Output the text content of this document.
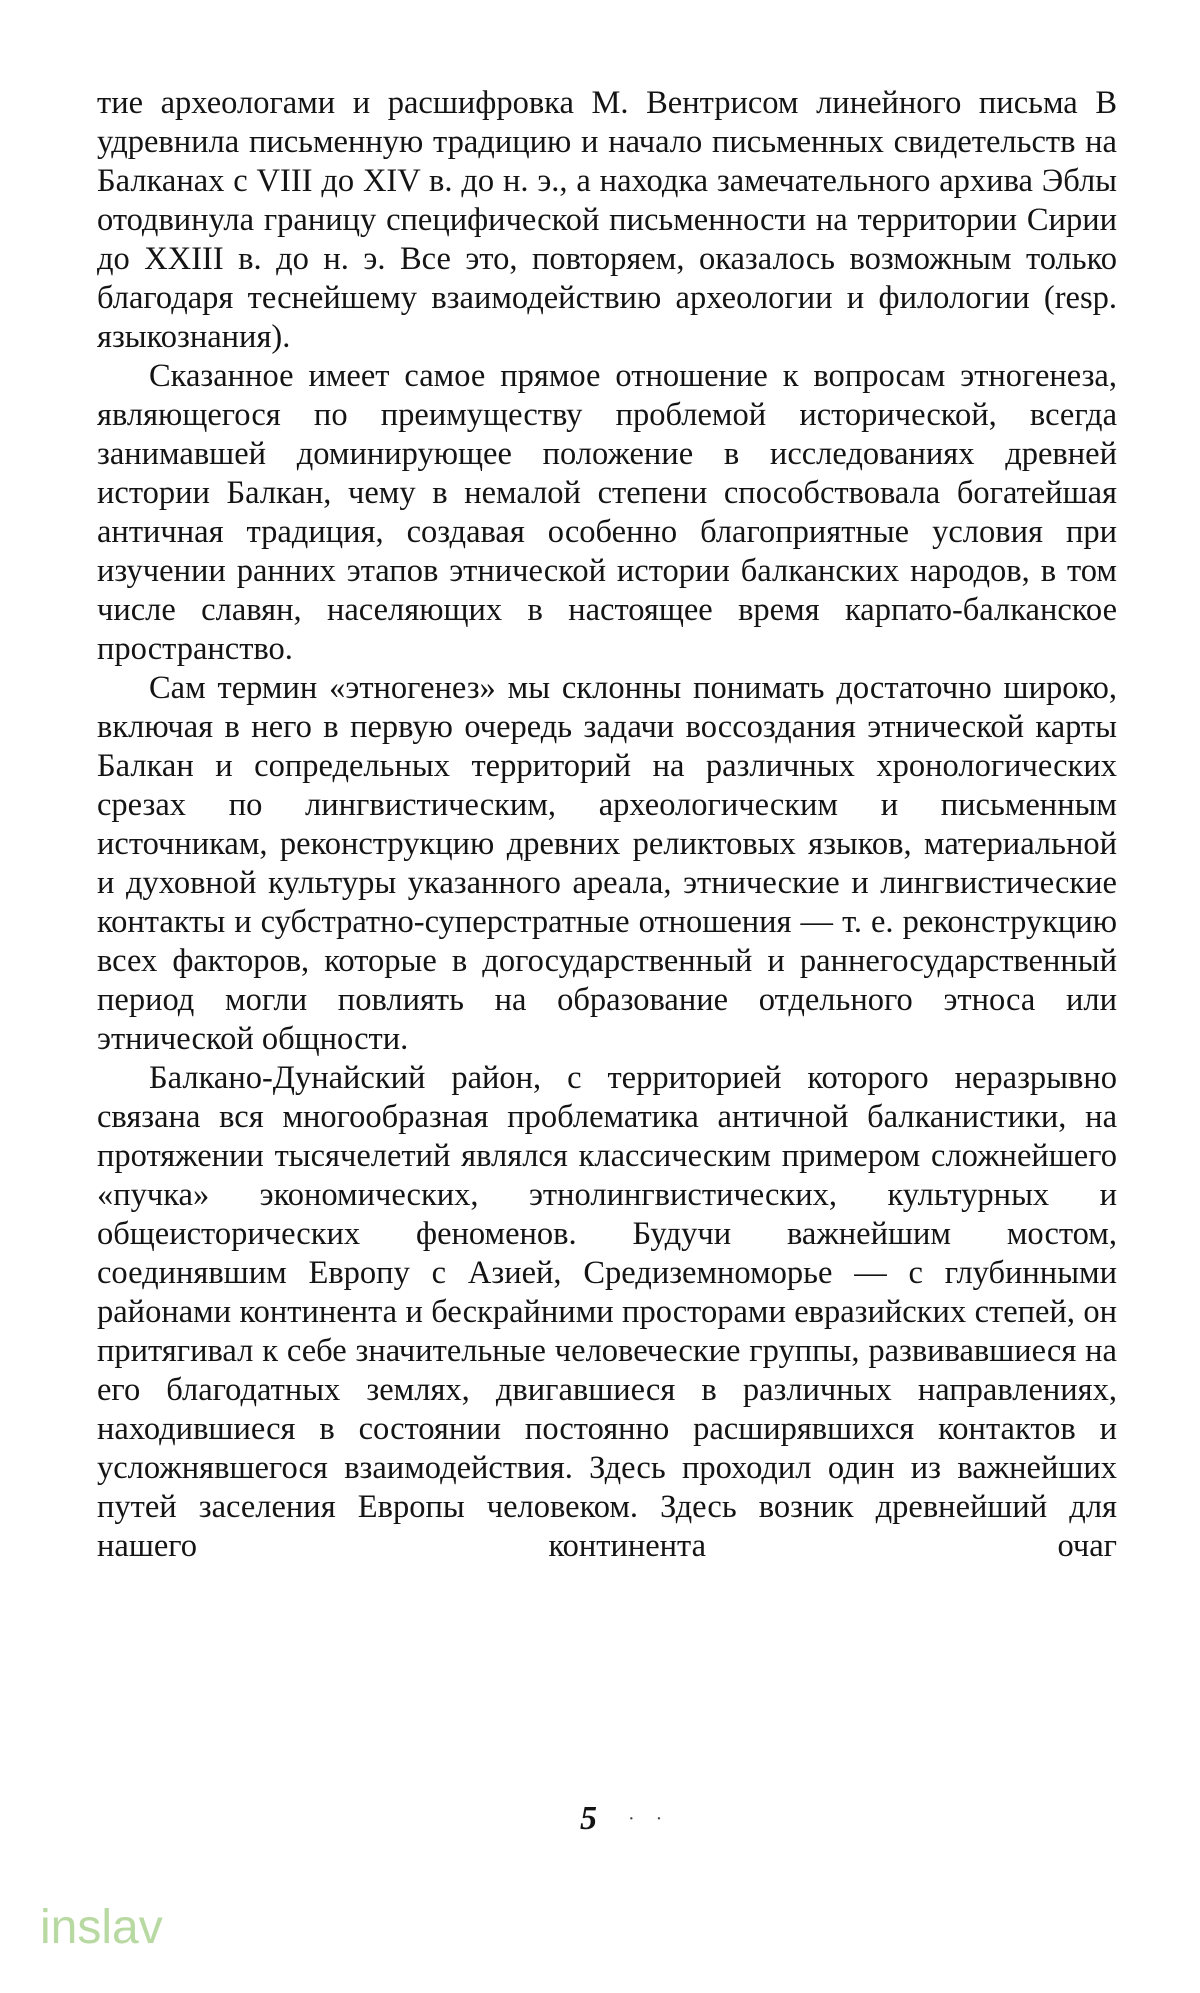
тие археологами и расшифровка М. Вентрисом линейного письма В удревнила письменную традицию и начало письменных свидетельств на Балканах с VIII до XIV в. до н. э., а находка замечательного архива Эблы отодвинула границу специфической письменности на территории Сирии до XXIII в. до н. э. Все это, повторяем, оказалось возможным только благодаря теснейшему взаимодействию археологии и филологии (resp. языкознания).

Сказанное имеет самое прямое отношение к вопросам этногенеза, являющегося по преимуществу проблемой исторической, всегда занимавшей доминирующее положение в исследованиях древней истории Балкан, чему в немалой степени способствовала богатейшая античная традиция, создавая особенно благоприятные условия при изучении ранних этапов этнической истории балканских народов, в том числе славян, населяющих в настоящее время карпато-балканское пространство.

Сам термин «этногенез» мы склонны понимать достаточно широко, включая в него в первую очередь задачи воссоздания этнической карты Балкан и сопредельных территорий на различных хронологических срезах по лингвистическим, археологическим и письменным источникам, реконструкцию древних реликтовых языков, материальной и духовной культуры указанного ареала, этнические и лингвистические контакты и субстратно-суперстратные отношения — т. е. реконструкцию всех факторов, которые в догосударственный и раннегосударственный период могли повлиять на образование отдельного этноса или этнической общности.

Балкано-Дунайский район, с территорией которого неразрывно связана вся многообразная проблематика античной балканистики, на протяжении тысячелетий являлся классическим примером сложнейшего «пучка» экономических, этнолингвистических, культурных и общеисторических феноменов. Будучи важнейшим мостом, соединявшим Европу с Азией, Средиземноморье — с глубинными районами континента и бескрайними просторами евразийских степей, он притягивал к себе значительные человеческие группы, развивавшиеся на его благодатных землях, двигавшиеся в различных направлениях, находившиеся в состоянии постоянно расширявшихся контактов и усложнявшегося взаимодействия. Здесь проходил один из важнейших путей заселения Европы человеком. Здесь возник древнейший для нашего континента очаг

5 · ·
inslav
